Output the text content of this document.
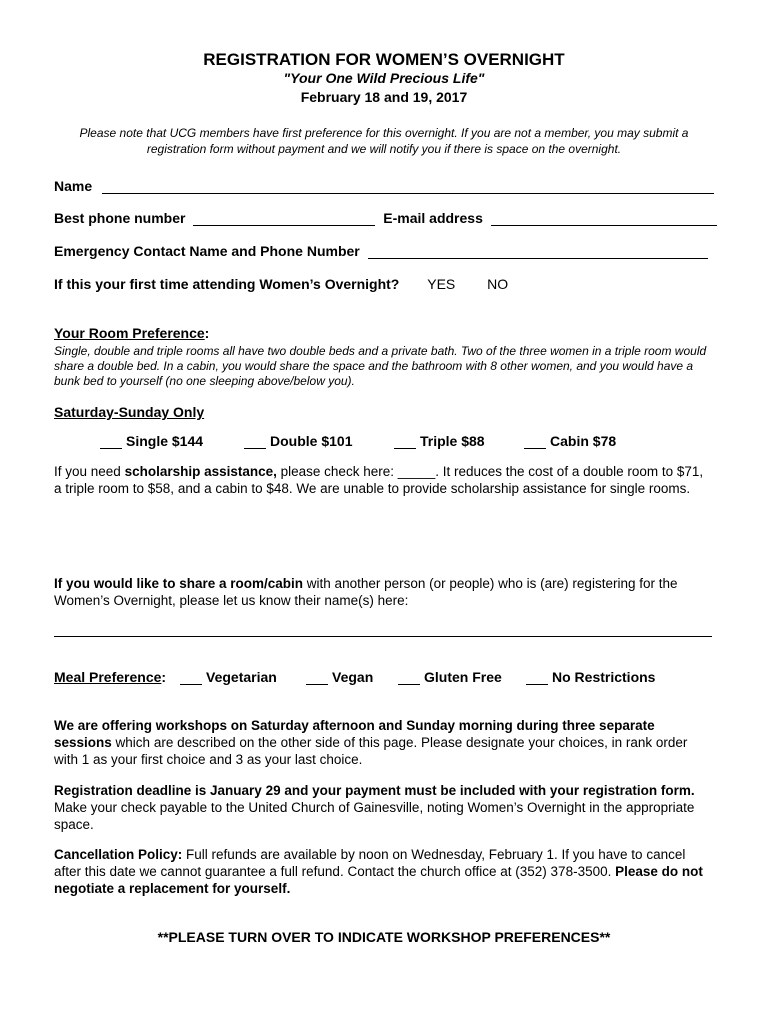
REGISTRATION FOR WOMEN’S OVERNIGHT
"Your One Wild Precious Life"
February 18 and 19, 2017
Please note that UCG members have first preference for this overnight. If you are not a member, you may submit a registration form without payment and we will notify you if there is space on the overnight.
Name
Best phone number	E-mail address
Emergency Contact Name and Phone Number
If this your first time attending Women’s Overnight? YES NO
Your Room Preference:
Single, double and triple rooms all have two double beds and a private bath. Two of the three women in a triple room would share a double bed. In a cabin, you would share the space and the bathroom with 8 other women, and you would have a bunk bed to yourself (no one sleeping above/below you).
Saturday-Sunday Only
Single $144	Double $101	Triple $88	Cabin $78
If you need scholarship assistance, please check here: _____. It reduces the cost of a double room to $71, a triple room to $58, and a cabin to $48. We are unable to provide scholarship assistance for single rooms.
If you would like to share a room/cabin with another person (or people) who is (are) registering for the Women’s Overnight, please let us know their name(s) here:
Meal Preference:	Vegetarian	Vegan	Gluten Free	No Restrictions
We are offering workshops on Saturday afternoon and Sunday morning during three separate sessions which are described on the other side of this page. Please designate your choices, in rank order with 1 as your first choice and 3 as your last choice.
Registration deadline is January 29 and your payment must be included with your registration form. Make your check payable to the United Church of Gainesville, noting Women’s Overnight in the appropriate space.
Cancellation Policy: Full refunds are available by noon on Wednesday, February 1. If you have to cancel after this date we cannot guarantee a full refund. Contact the church office at (352) 378-3500. Please do not negotiate a replacement for yourself.
**PLEASE TURN OVER TO INDICATE WORKSHOP PREFERENCES**
